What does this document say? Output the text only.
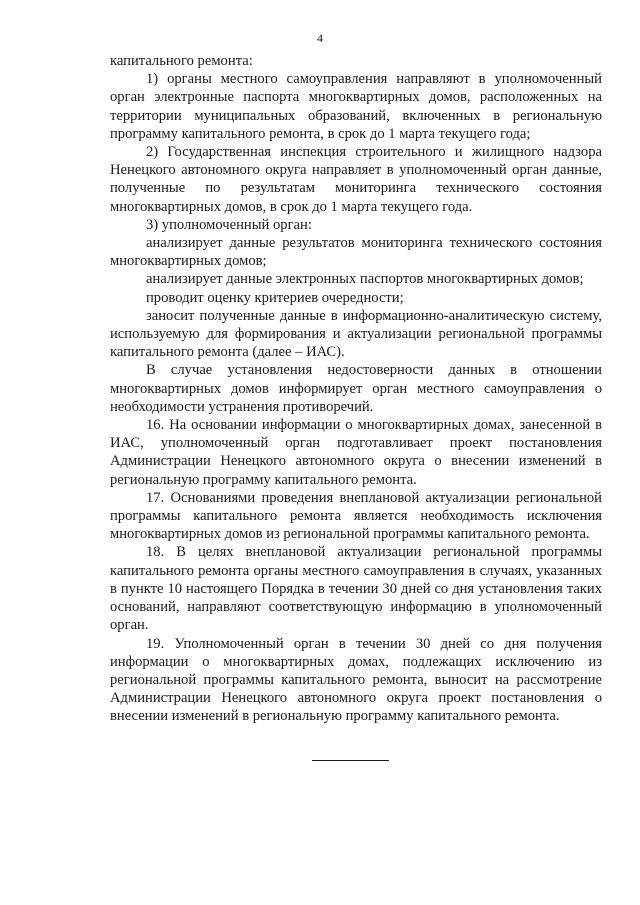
4

капитального ремонта:

1) органы местного самоуправления направляют в уполномоченный орган электронные паспорта многоквартирных домов, расположенных на территории муниципальных образований, включенных в региональную программу капитального ремонта, в срок до 1 марта текущего года;

2) Государственная инспекция строительного и жилищного надзора Ненецкого автономного округа направляет в уполномоченный орган данные, полученные по результатам мониторинга технического состояния многоквартирных домов, в срок до 1 марта текущего года.

3) уполномоченный орган:

анализирует данные результатов мониторинга технического состояния многоквартирных домов;

анализирует данные электронных паспортов многоквартирных домов;

проводит оценку критериев очередности;

заносит полученные данные в информационно-аналитическую систему, используемую для формирования и актуализации региональной программы капитального ремонта (далее – ИАС).

В случае установления недостоверности данных в отношении многоквартирных домов информирует орган местного самоуправления о необходимости устранения противоречий.

16. На основании информации о многоквартирных домах, занесенной в ИАС, уполномоченный орган подготавливает проект постановления Администрации Ненецкого автономного округа о внесении изменений в региональную программу капитального ремонта.

17. Основаниями проведения внеплановой актуализации региональной программы капитального ремонта является необходимость исключения многоквартирных домов из региональной программы капитального ремонта.

18. В целях внеплановой актуализации региональной программы капитального ремонта органы местного самоуправления в случаях, указанных в пункте 10 настоящего Порядка в течении 30 дней со дня установления таких оснований, направляют соответствующую информацию в уполномоченный орган.

19. Уполномоченный орган в течении 30 дней со дня получения информации о многоквартирных домах, подлежащих исключению из региональной программы капитального ремонта, выносит на рассмотрение Администрации Ненецкого автономного округа проект постановления о внесении изменений в региональную программу капитального ремонта.
